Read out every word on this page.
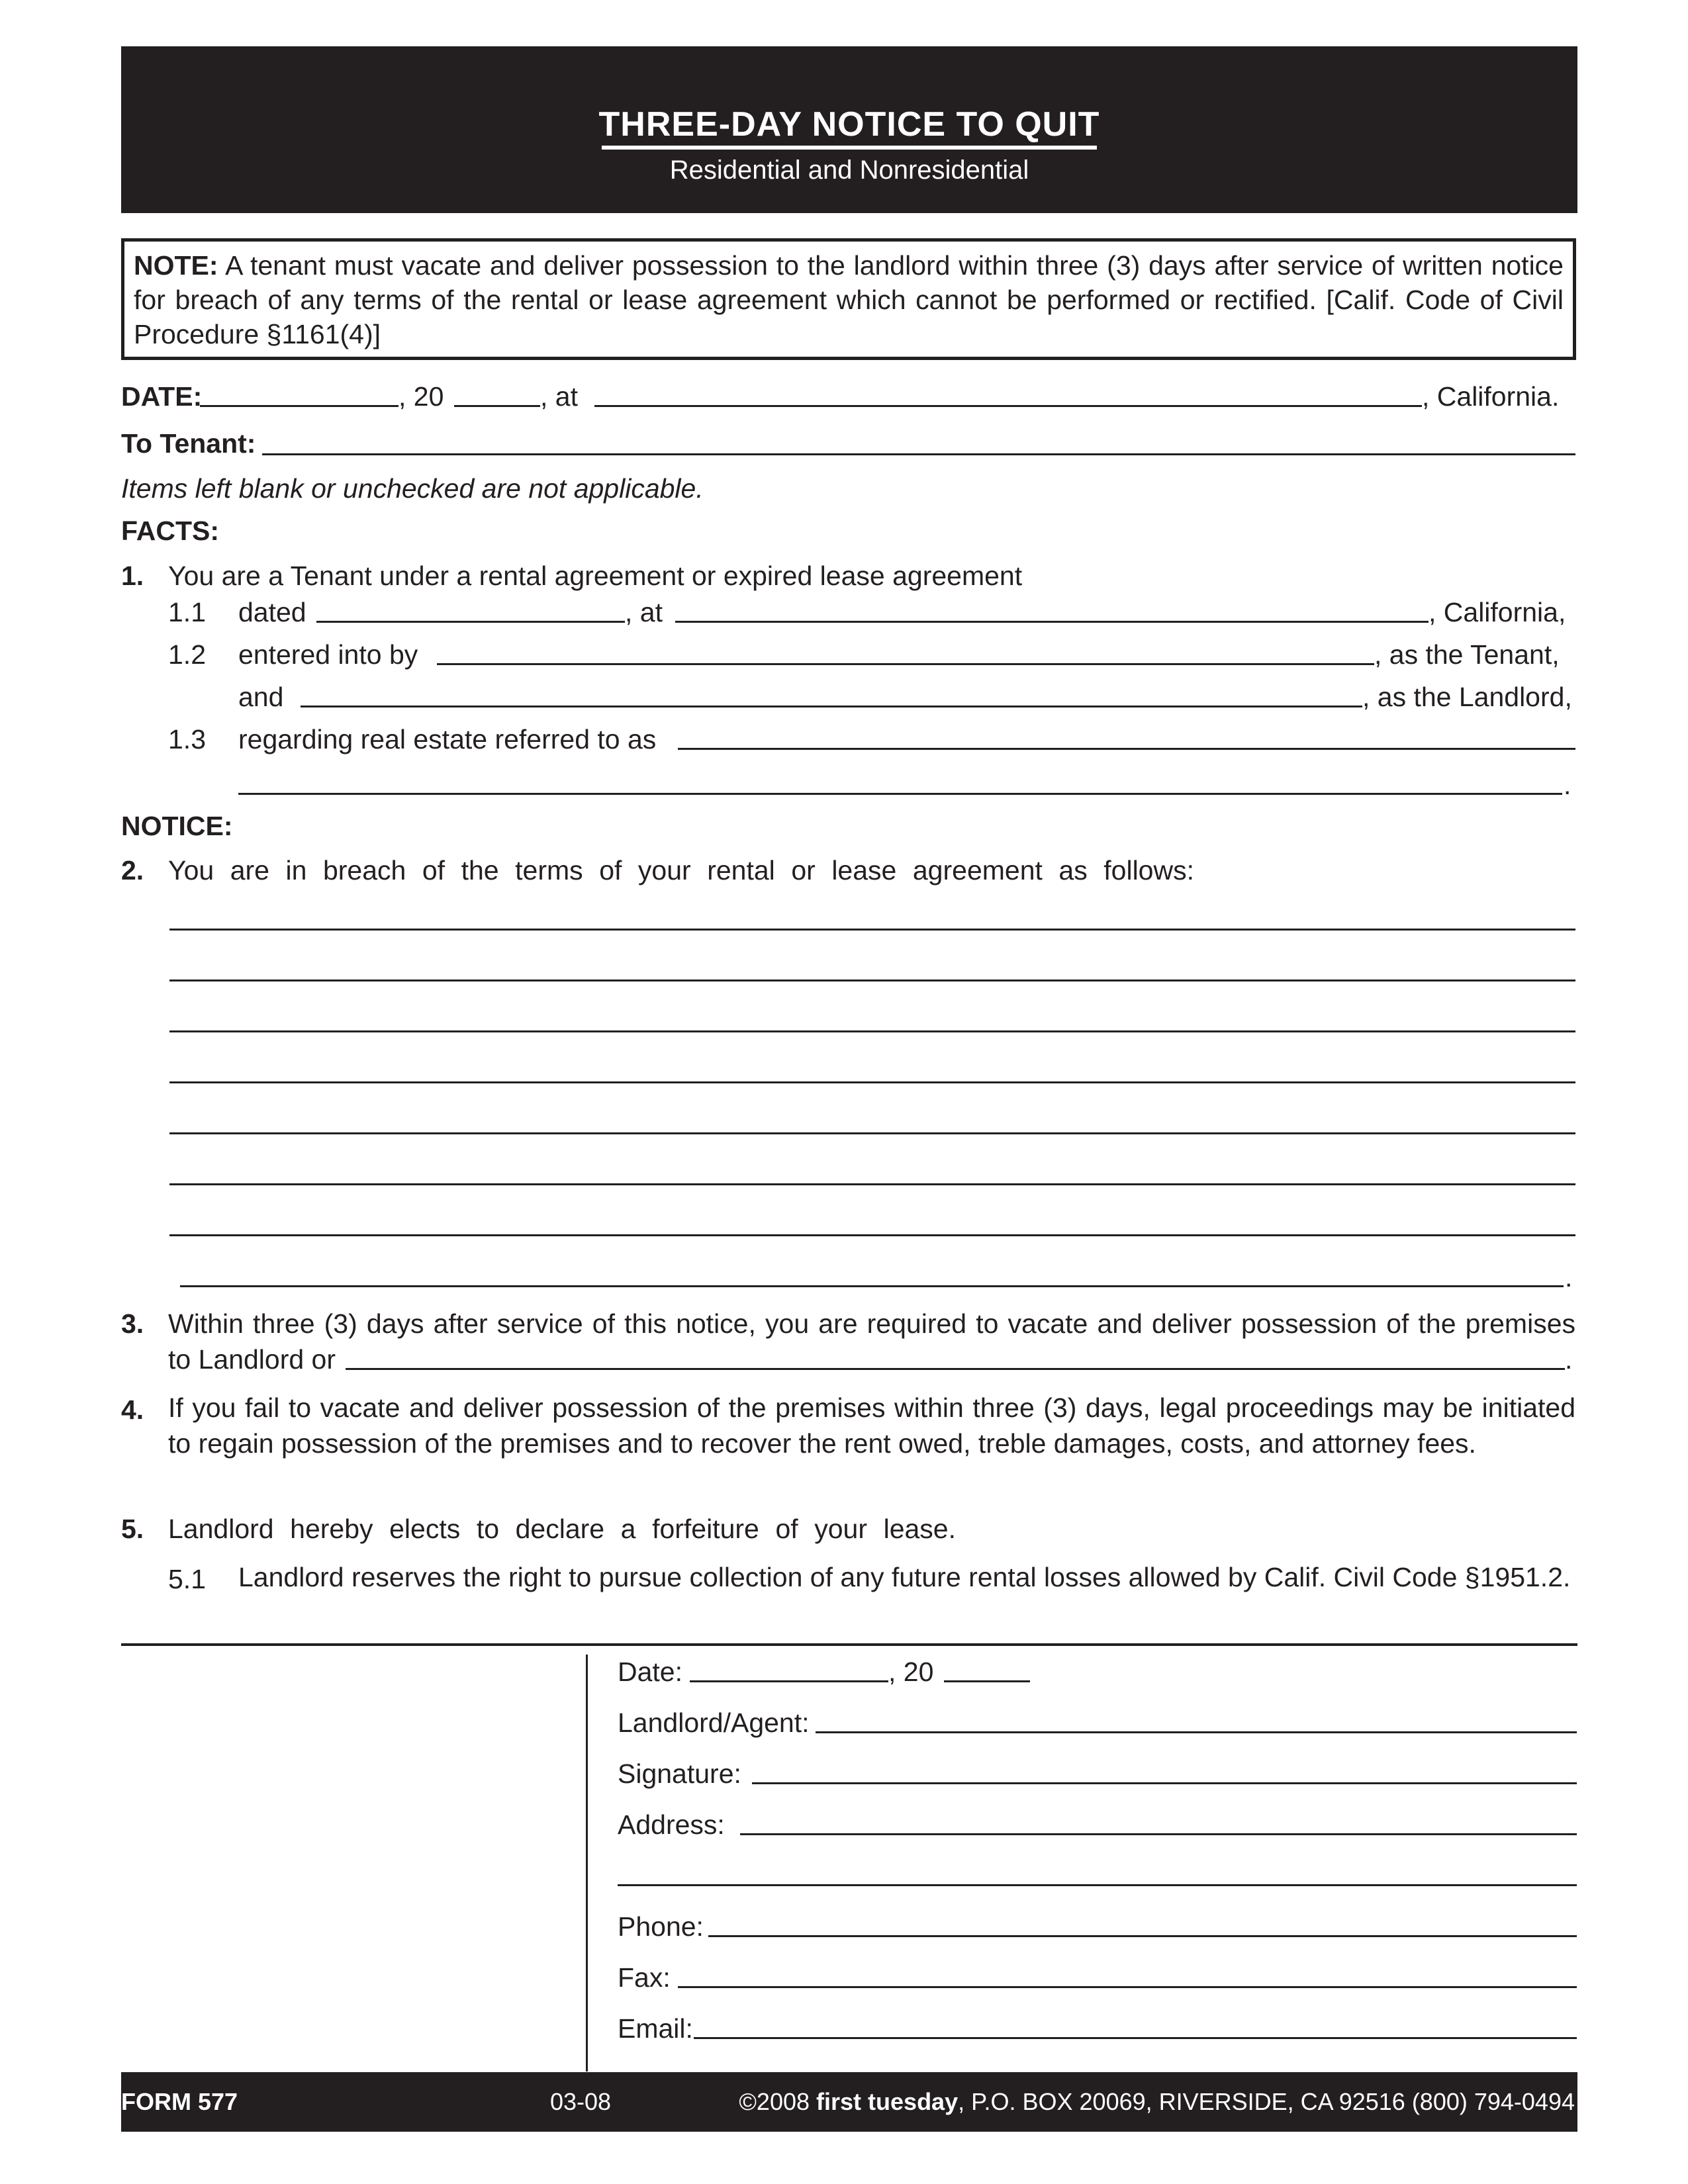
THREE-DAY NOTICE TO QUIT
Residential and Nonresidential
NOTE: A tenant must vacate and deliver possession to the landlord within three (3) days after service of written notice for breach of any terms of the rental or lease agreement which cannot be performed or rectified. [Calif. Code of Civil Procedure §1161(4)]
DATE:	, 20	, at	, California.
To Tenant:
Items left blank or unchecked are not applicable.
FACTS:
1. You are a Tenant under a rental agreement or expired lease agreement
1.1 dated	, at	, California,
1.2 entered into by	, as the Tenant,
and	, as the Landlord,
1.3 regarding real estate referred to as
.
NOTICE:
2. You are in breach of the terms of your rental or lease agreement as follows:
.
3. Within three (3) days after service of this notice, you are required to vacate and deliver possession of the premises
to Landlord or	.
4. If you fail to vacate and deliver possession of the premises within three (3) days, legal proceedings may be initiated to regain possession of the premises and to recover the rent owed, treble damages, costs, and attorney fees.
5. Landlord hereby elects to declare a forfeiture of your lease.
5.1 Landlord reserves the right to pursue collection of any future rental losses allowed by Calif. Civil Code §1951.2.
Date:	, 20
Landlord/Agent:
Signature:
Address:
Phone:
Fax:
Email:
FORM 577	03-08	©2008 first tuesday, P.O. BOX 20069, RIVERSIDE, CA 92516 (800) 794-0494
